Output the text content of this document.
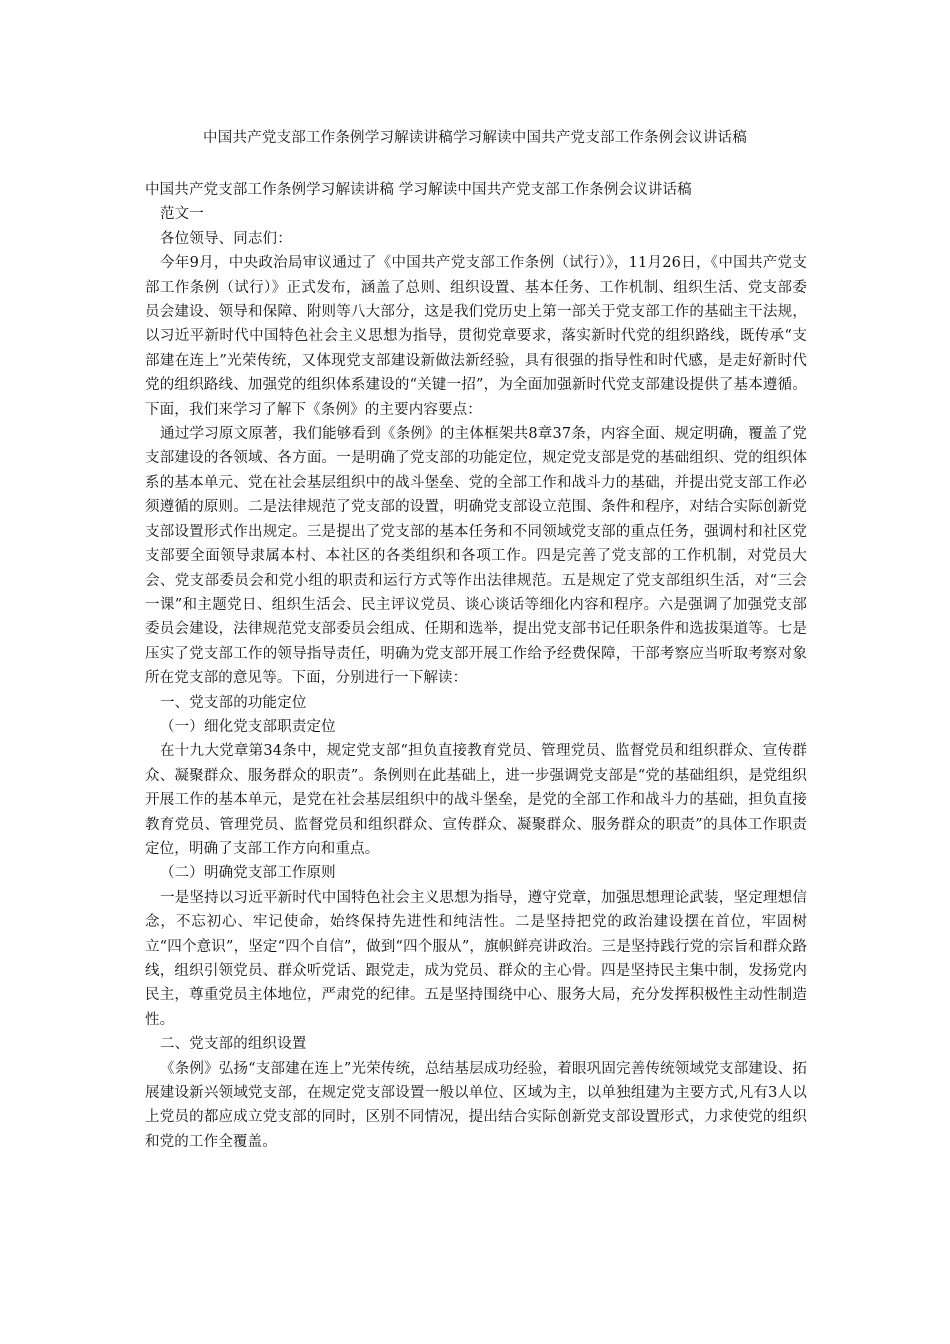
中国共产党支部工作条例学习解读讲稿学习解读中国共产党支部工作条例会议讲话稿

中国共产党支部工作条例学习解读讲稿 学习解读中国共产党支部工作条例会议讲话稿

范文一

各位领导、同志们：

今年9月，中央政治局审议通过了《中国共产党支部工作条例（试行）》，11月26日，《中国共产党支部工作条例（试行）》正式发布，涵盖了总则、组织设置、基本任务、工作机制、组织生活、党支部委员会建设、领导和保障、附则等八大部分，这是我们党历史上第一部关于党支部工作的基础主干法规，以习近平新时代中国特色社会主义思想为指导，贯彻党章要求，落实新时代党的组织路线，既传承“支部建在连上”光荣传统，又体现党支部建设新做法新经验，具有很强的指导性和时代感，是走好新时代党的组织路线、加强党的组织体系建设的“关键一招”，为全面加强新时代党支部建设提供了基本遵循。下面，我们来学习了解下《条例》的主要内容要点：

通过学习原文原著，我们能够看到《条例》的主体框架共8章37条，内容全面、规定明确，覆盖了党支部建设的各领域、各方面。一是明确了党支部的功能定位，规定党支部是党的基础组织、党的组织体系的基本单元、党在社会基层组织中的战斗堡垒、党的全部工作和战斗力的基础，并提出党支部工作必须遵循的原则。二是法律规范了党支部的设置，明确党支部设立范围、条件和程序，对结合实际创新党支部设置形式作出规定。三是提出了党支部的基本任务和不同领域党支部的重点任务，强调村和社区党支部要全面领导隶属本村、本社区的各类组织和各项工作。四是完善了党支部的工作机制，对党员大会、党支部委员会和党小组的职责和运行方式等作出法律规范。五是规定了党支部组织生活，对“三会一课”和主题党日、组织生活会、民主评议党员、谈心谈话等细化内容和程序。六是强调了加强党支部委员会建设，法律规范党支部委员会组成、任期和选举，提出党支部书记任职条件和选拔渠道等。七是压实了党支部工作的领导指导责任，明确为党支部开展工作给予经费保障，干部考察应当听取考察对象所在党支部的意见等。下面，分别进行一下解读：

一、党支部的功能定位

（一）细化党支部职责定位

在十九大党章第34条中，规定党支部“担负直接教育党员、管理党员、监督党员和组织群众、宣传群众、凝聚群众、服务群众的职责”。条例则在此基础上，进一步强调党支部是“党的基础组织，是党组织开展工作的基本单元，是党在社会基层组织中的战斗堡垒，是党的全部工作和战斗力的基础，担负直接教育党员、管理党员、监督党员和组织群众、宣传群众、凝聚群众、服务群众的职责”的具体工作职责定位，明确了支部工作方向和重点。

（二）明确党支部工作原则

一是坚持以习近平新时代中国特色社会主义思想为指导，遵守党章，加强思想理论武装，坚定理想信念，不忘初心、牢记使命，始终保持先进性和纯洁性。二是坚持把党的政治建设摆在首位，牢固树立“四个意识”，坚定“四个自信”，做到“四个服从”，旗帜鲜亮讲政治。三是坚持践行党的宗旨和群众路线，组织引领党员、群众听党话、跟党走，成为党员、群众的主心骨。四是坚持民主集中制，发扬党内民主，尊重党员主体地位，严肃党的纪律。五是坚持围绕中心、服务大局，充分发挥积极性主动性制造性。

二、党支部的组织设置

《条例》弘扬“支部建在连上”光荣传统，总结基层成功经验，着眼巩固完善传统领域党支部建设、拓展建设新兴领域党支部，在规定党支部设置一般以单位、区域为主，以单独组建为主要方式,凡有3人以上党员的都应成立党支部的同时，区别不同情况，提出结合实际创新党支部设置形式，力求使党的组织和党的工作全覆盖。
